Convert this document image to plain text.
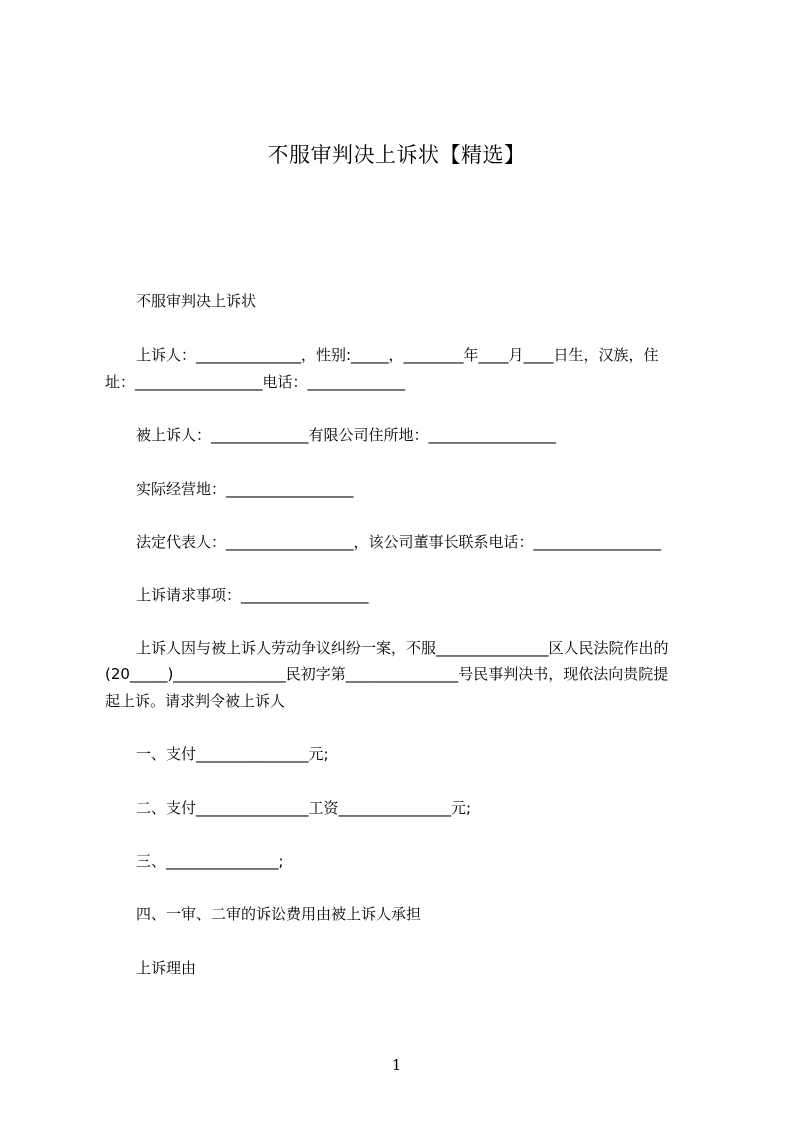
不服审判决上诉状【精选】
不服审判决上诉状
上诉人：______________，性别:_____，________年____月____日生，汉族，住
址：_________________电话：_____________
被上诉人：_____________有限公司住所地：_________________
实际经营地：_________________
法定代表人：_________________，该公司董事长联系电话：_________________
上诉请求事项：_________________
上诉人因与被上诉人劳动争议纠纷一案，不服_______________区人民法院作出的
(20_____)_______________民初字第_______________号民事判决书，现依法向贵院提
起上诉。请求判令被上诉人
一、支付_______________元;
二、支付_______________工资_______________元;
三、_______________;
四、一审、二审的诉讼费用由被上诉人承担
上诉理由
1
